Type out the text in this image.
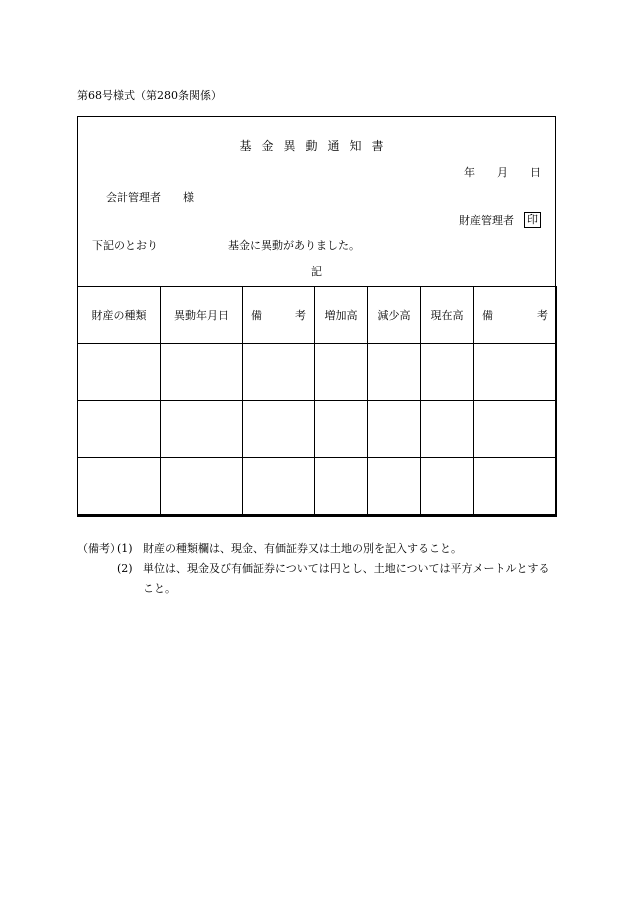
第68号様式（第280条関係）
基金異動通知書
年 月 日
会計管理者 様
財産管理者 印
下記のとおり	基金に異動がありました。
記
財産の種類	異動年月日	備 考	増加高	減少高	現在高	備 考

（備考）
(1) 財産の種類欄は、現金、有価証券又は土地の別を記入すること。
(2) 単位は、現金及び有価証券については円とし、土地については平方メートルとすること。
